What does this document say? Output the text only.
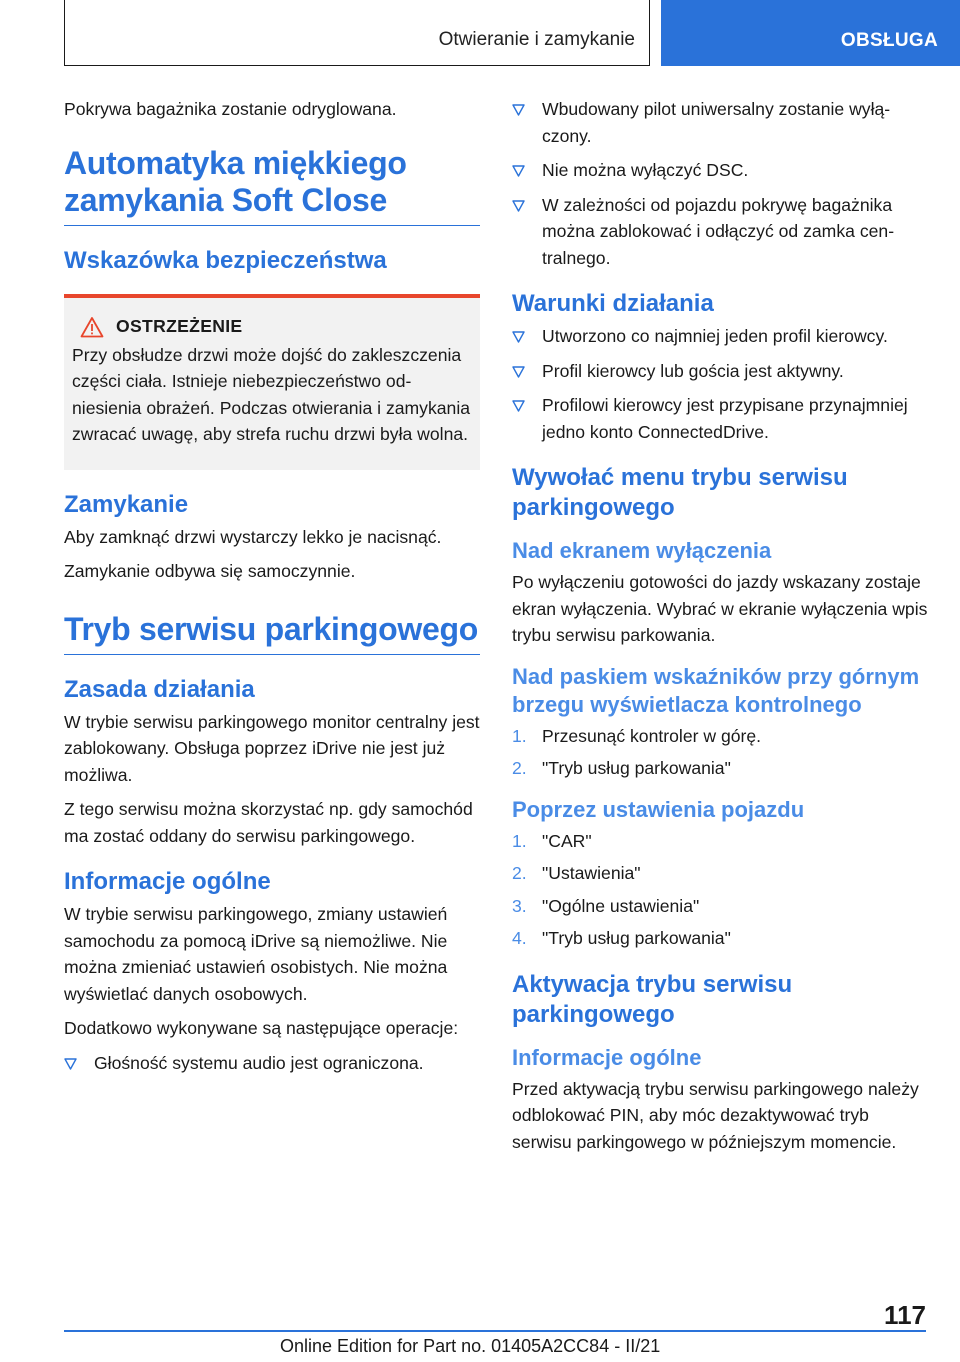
Otwieranie i zamykanie	OBSŁUGA

Pokrywa bagażnika zostanie odryglowana.

Automatyka miękkiego zamykania Soft Close
Wskazówka bezpieczeństwa
OSTRZEŻENIE

Przy obsłudze drzwi może dojść do zakleszczenia części ciała. Istnieje niebezpieczeństwo odniesienia obrażeń. Podczas otwierania i zamykania zwracać uwagę, aby strefa ruchu drzwi była wolna.

Zamykanie

Aby zamknąć drzwi wystarczy lekko je nacisnąć.

Zamykanie odbywa się samoczynnie.

Tryb serwisu parkingowego
Zasada działania

W trybie serwisu parkingowego monitor centralny jest zablokowany. Obsługa poprzez iDrive nie jest już możliwa.

Z tego serwisu można skorzystać np. gdy samochód ma zostać oddany do serwisu parkingowego.

Informacje ogólne

W trybie serwisu parkingowego, zmiany ustawień samochodu za pomocą iDrive są niemożliwe. Nie można zmieniać ustawień osobistych. Nie można wyświetlać danych osobowych.

Dodatkowo wykonywane są następujące operacje:

Głośność systemu audio jest ograniczona.
Wbudowany pilot uniwersalny zostanie wyłączony.
Nie można wyłączyć DSC.
W zależności od pojazdu pokrywę bagażnika można zablokować i odłączyć od zamka centralnego.
Warunki działania
Utworzono co najmniej jeden profil kierowcy.
Profil kierowcy lub gościa jest aktywny.
Profilowi kierowcy jest przypisane przynajmniej jedno konto ConnectedDrive.
Wywołać menu trybu serwisu parkingowego
Nad ekranem wyłączenia

Po wyłączeniu gotowości do jazdy wskazany zostaje ekran wyłączenia. Wybrać w ekranie wyłączenia wpis trybu serwisu parkowania.

Nad paskiem wskaźników przy górnym brzegu wyświetlacza kontrolnego
1. Przesunąć kontroler w górę.
2. "Tryb usług parkowania"
Poprzez ustawienia pojazdu
1. "CAR"
2. "Ustawienia"
3. "Ogólne ustawienia"
4. "Tryb usług parkowania"
Aktywacja trybu serwisu parkingowego
Informacje ogólne

Przed aktywacją trybu serwisu parkingowego należy odblokować PIN, aby móc dezaktywować tryb serwisu parkingowego w późniejszym momencie.

117
Online Edition for Part no. 01405A2CC84 - II/21
